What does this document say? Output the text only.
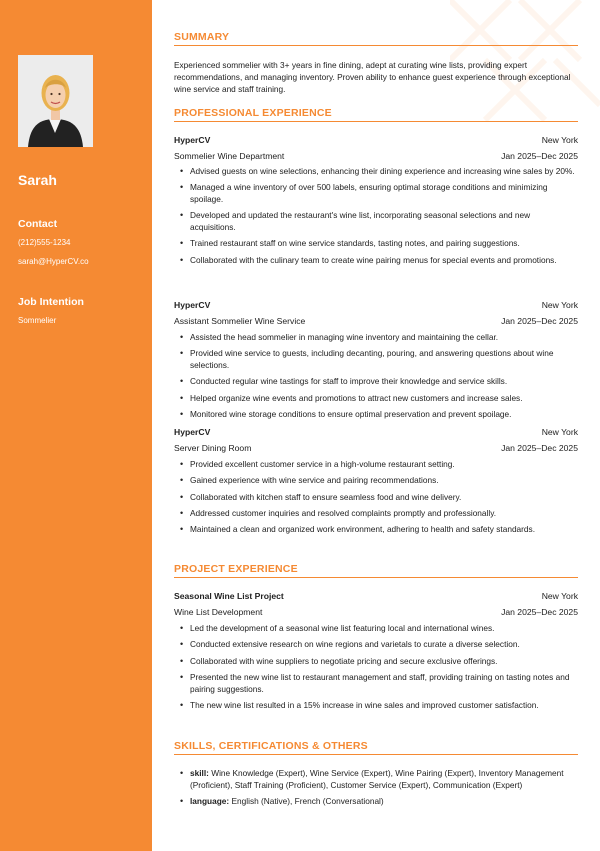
Sarah
Contact
(212)555-1234
sarah@HyperCV.co
Job Intention
Sommelier
SUMMARY
Experienced sommelier with 3+ years in fine dining, adept at curating wine lists, providing expert recommendations, and managing inventory. Proven ability to enhance guest experience through exceptional wine service and staff training.
PROFESSIONAL EXPERIENCE
HyperCV	New York
Sommelier Wine Department	Jan 2025–Dec 2025
• Advised guests on wine selections, enhancing their dining experience and increasing wine sales by 20%.
• Managed a wine inventory of over 500 labels, ensuring optimal storage conditions and minimizing spoilage.
• Developed and updated the restaurant's wine list, incorporating seasonal selections and new acquisitions.
• Trained restaurant staff on wine service standards, tasting notes, and pairing suggestions.
• Collaborated with the culinary team to create wine pairing menus for special events and promotions.
HyperCV	New York
Assistant Sommelier Wine Service	Jan 2025–Dec 2025
• Assisted the head sommelier in managing wine inventory and maintaining the cellar.
• Provided wine service to guests, including decanting, pouring, and answering questions about wine selections.
• Conducted regular wine tastings for staff to improve their knowledge and service skills.
• Helped organize wine events and promotions to attract new customers and increase sales.
• Monitored wine storage conditions to ensure optimal preservation and prevent spoilage.
HyperCV	New York
Server Dining Room	Jan 2025–Dec 2025
• Provided excellent customer service in a high-volume restaurant setting.
• Gained experience with wine service and pairing recommendations.
• Collaborated with kitchen staff to ensure seamless food and wine delivery.
• Addressed customer inquiries and resolved complaints promptly and professionally.
• Maintained a clean and organized work environment, adhering to health and safety standards.
PROJECT EXPERIENCE
Seasonal Wine List Project	New York
Wine List Development	Jan 2025–Dec 2025
• Led the development of a seasonal wine list featuring local and international wines.
• Conducted extensive research on wine regions and varietals to curate a diverse selection.
• Collaborated with wine suppliers to negotiate pricing and secure exclusive offerings.
• Presented the new wine list to restaurant management and staff, providing training on tasting notes and pairing suggestions.
• The new wine list resulted in a 15% increase in wine sales and improved customer satisfaction.
SKILLS, CERTIFICATIONS & OTHERS
• skill: Wine Knowledge (Expert), Wine Service (Expert), Wine Pairing (Expert), Inventory Management (Proficient), Staff Training (Proficient), Customer Service (Expert), Communication (Expert)
• language: English (Native), French (Conversational)
